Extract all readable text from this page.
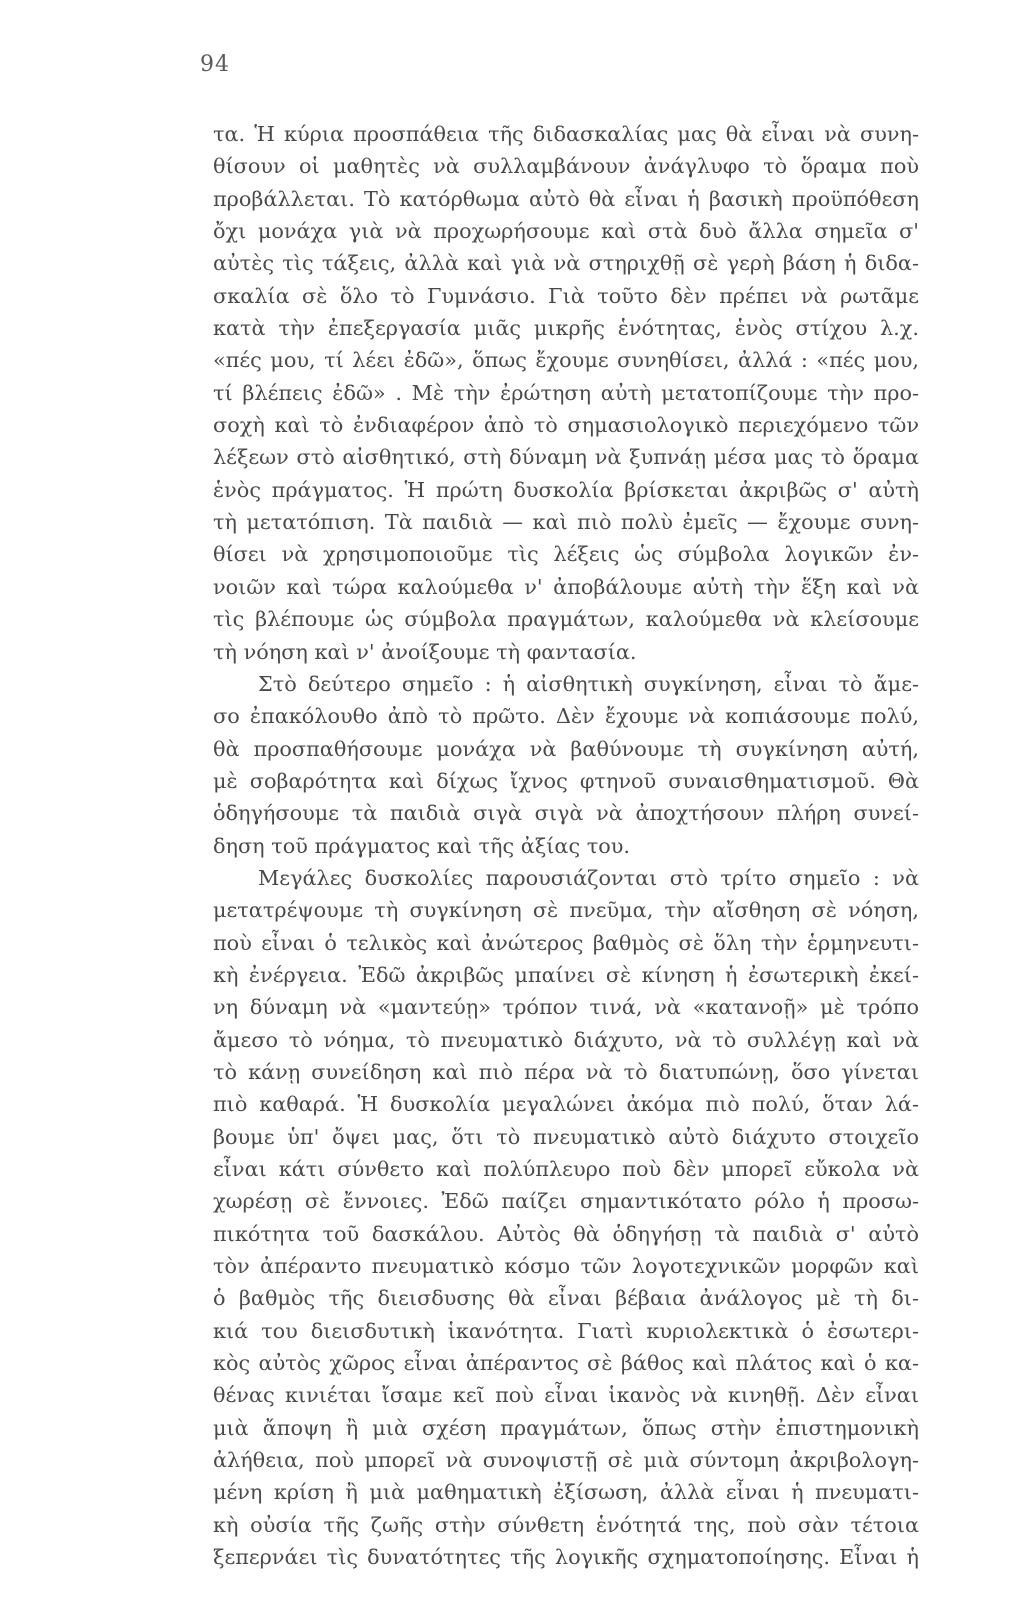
94
τα. Ἡ κύρια προσπάθεια τῆς διδασκαλίας μας θὰ εἶναι νὰ συνη-
θίσουν οἱ μαθητὲς νὰ συλλαμβάνουν ἀνάγλυφο τὸ ὅραμα ποὺ
προβάλλεται. Τὸ κατόρθωμα αὐτὸ θὰ εἶναι ἡ βασικὴ προϋπόθεση
ὄχι μονάχα γιὰ νὰ προχωρήσουμε καὶ στὰ δυὸ ἄλλα σημεῖα σ'
αὐτὲς τὶς τάξεις, ἀλλὰ καὶ γιὰ νὰ στηριχθῇ σὲ γερὴ βάση ἡ διδα-
σκαλία σὲ ὅλο τὸ Γυμνάσιο. Γιὰ τοῦτο δὲν πρέπει νὰ ρωτᾶμε
κατὰ τὴν ἐπεξεργασία μιᾶς μικρῆς ἑνότητας, ἑνὸς στίχου λ.χ.
«πές μου, τί λέει ἐδῶ», ὅπως ἔχουμε συνηθίσει, ἀλλά : «πές μου,
τί βλέπεις ἐδῶ» . Μὲ τὴν ἐρώτηση αὐτὴ μετατοπίζουμε τὴν προ-
σοχὴ καὶ τὸ ἐνδιαφέρον ἀπὸ τὸ σημασιολογικὸ περιεχόμενο τῶν
λέξεων στὸ αἰσθητικό, στὴ δύναμη νὰ ξυπνάῃ μέσα μας τὸ ὅραμα
ἑνὸς πράγματος. Ἡ πρώτη δυσκολία βρίσκεται ἀκριβῶς σ' αὐτὴ
τὴ μετατόπιση. Τὰ παιδιὰ — καὶ πιὸ πολὺ ἐμεῖς — ἔχουμε συνη-
θίσει νὰ χρησιμοποιοῦμε τὶς λέξεις ὡς σύμβολα λογικῶν ἐν-
νοιῶν καὶ τώρα καλούμεθα ν' ἀποβάλουμε αὐτὴ τὴν ἕξη καὶ νὰ
τὶς βλέπουμε ὡς σύμβολα πραγμάτων, καλούμεθα νὰ κλείσουμε
τὴ νόηση καὶ ν' ἀνοίξουμε τὴ φαντασία.
Στὸ δεύτερο σημεῖο : ἡ αἰσθητικὴ συγκίνηση, εἶναι τὸ ἄμε-
σο ἐπακόλουθο ἀπὸ τὸ πρῶτο. Δὲν ἔχουμε νὰ κοπιάσουμε πολύ,
θὰ προσπαθήσουμε μονάχα νὰ βαθύνουμε τὴ συγκίνηση αὐτή,
μὲ σοβαρότητα καὶ δίχως ἴχνος φτηνοῦ συναισθηματισμοῦ. Θὰ
ὁδηγήσουμε τὰ παιδιὰ σιγὰ σιγὰ νὰ ἀποχτήσουν πλήρη συνεί-
δηση τοῦ πράγματος καὶ τῆς ἀξίας του.
Μεγάλες δυσκολίες παρουσιάζονται στὸ τρίτο σημεῖο : νὰ
μετατρέψουμε τὴ συγκίνηση σὲ πνεῦμα, τὴν αἴσθηση σὲ νόηση,
ποὺ εἶναι ὁ τελικὸς καὶ ἀνώτερος βαθμὸς σὲ ὅλη τὴν ἑρμηνευτι-
κὴ ἐνέργεια. Ἐδῶ ἀκριβῶς μπαίνει σὲ κίνηση ἡ ἐσωτερικὴ ἐκεί-
νη δύναμη νὰ «μαντεύῃ» τρόπον τινά, νὰ «κατανοῇ» μὲ τρόπο
ἄμεσο τὸ νόημα, τὸ πνευματικὸ διάχυτο, νὰ τὸ συλλέγῃ καὶ νὰ
τὸ κάνῃ συνείδηση καὶ πιὸ πέρα νὰ τὸ διατυπώνῃ, ὅσο γίνεται
πιὸ καθαρά. Ἡ δυσκολία μεγαλώνει ἀκόμα πιὸ πολύ, ὅταν λά-
βουμε ὑπ' ὄψει μας, ὅτι τὸ πνευματικὸ αὐτὸ διάχυτο στοιχεῖο
εἶναι κάτι σύνθετο καὶ πολύπλευρο ποὺ δὲν μπορεῖ εὔκολα νὰ
χωρέσῃ σὲ ἔννοιες. Ἐδῶ παίζει σημαντικότατο ρόλο ἡ προσω-
πικότητα τοῦ δασκάλου. Αὐτὸς θὰ ὁδηγήσῃ τὰ παιδιὰ σ' αὐτὸ
τὸν ἀπέραντο πνευματικὸ κόσμο τῶν λογοτεχνικῶν μορφῶν καὶ
ὁ βαθμὸς τῆς διεισδυσης θὰ εἶναι βέβαια ἀνάλογος μὲ τὴ δι-
κιά του διεισδυτικὴ ἱκανότητα. Γιατὶ κυριολεκτικὰ ὁ ἐσωτερι-
κὸς αὐτὸς χῶρος εἶναι ἀπέραντος σὲ βάθος καὶ πλάτος καὶ ὁ κα-
θένας κινιέται ἴσαμε κεῖ ποὺ εἶναι ἱκανὸς νὰ κινηθῇ. Δὲν εἶναι
μιὰ ἄποψη ἢ μιὰ σχέση πραγμάτων, ὅπως στὴν ἐπιστημονικὴ
ἀλήθεια, ποὺ μπορεῖ νὰ συνοψιστῇ σὲ μιὰ σύντομη ἀκριβολογη-
μένη κρίση ἢ μιὰ μαθηματικὴ ἐξίσωση, ἀλλὰ εἶναι ἡ πνευματι-
κὴ οὐσία τῆς ζωῆς στὴν σύνθετη ἑνότητά της, ποὺ σὰν τέτοια
ξεπερνάει τὶς δυνατότητες τῆς λογικῆς σχηματοποίησης. Εἶναι ἡ
